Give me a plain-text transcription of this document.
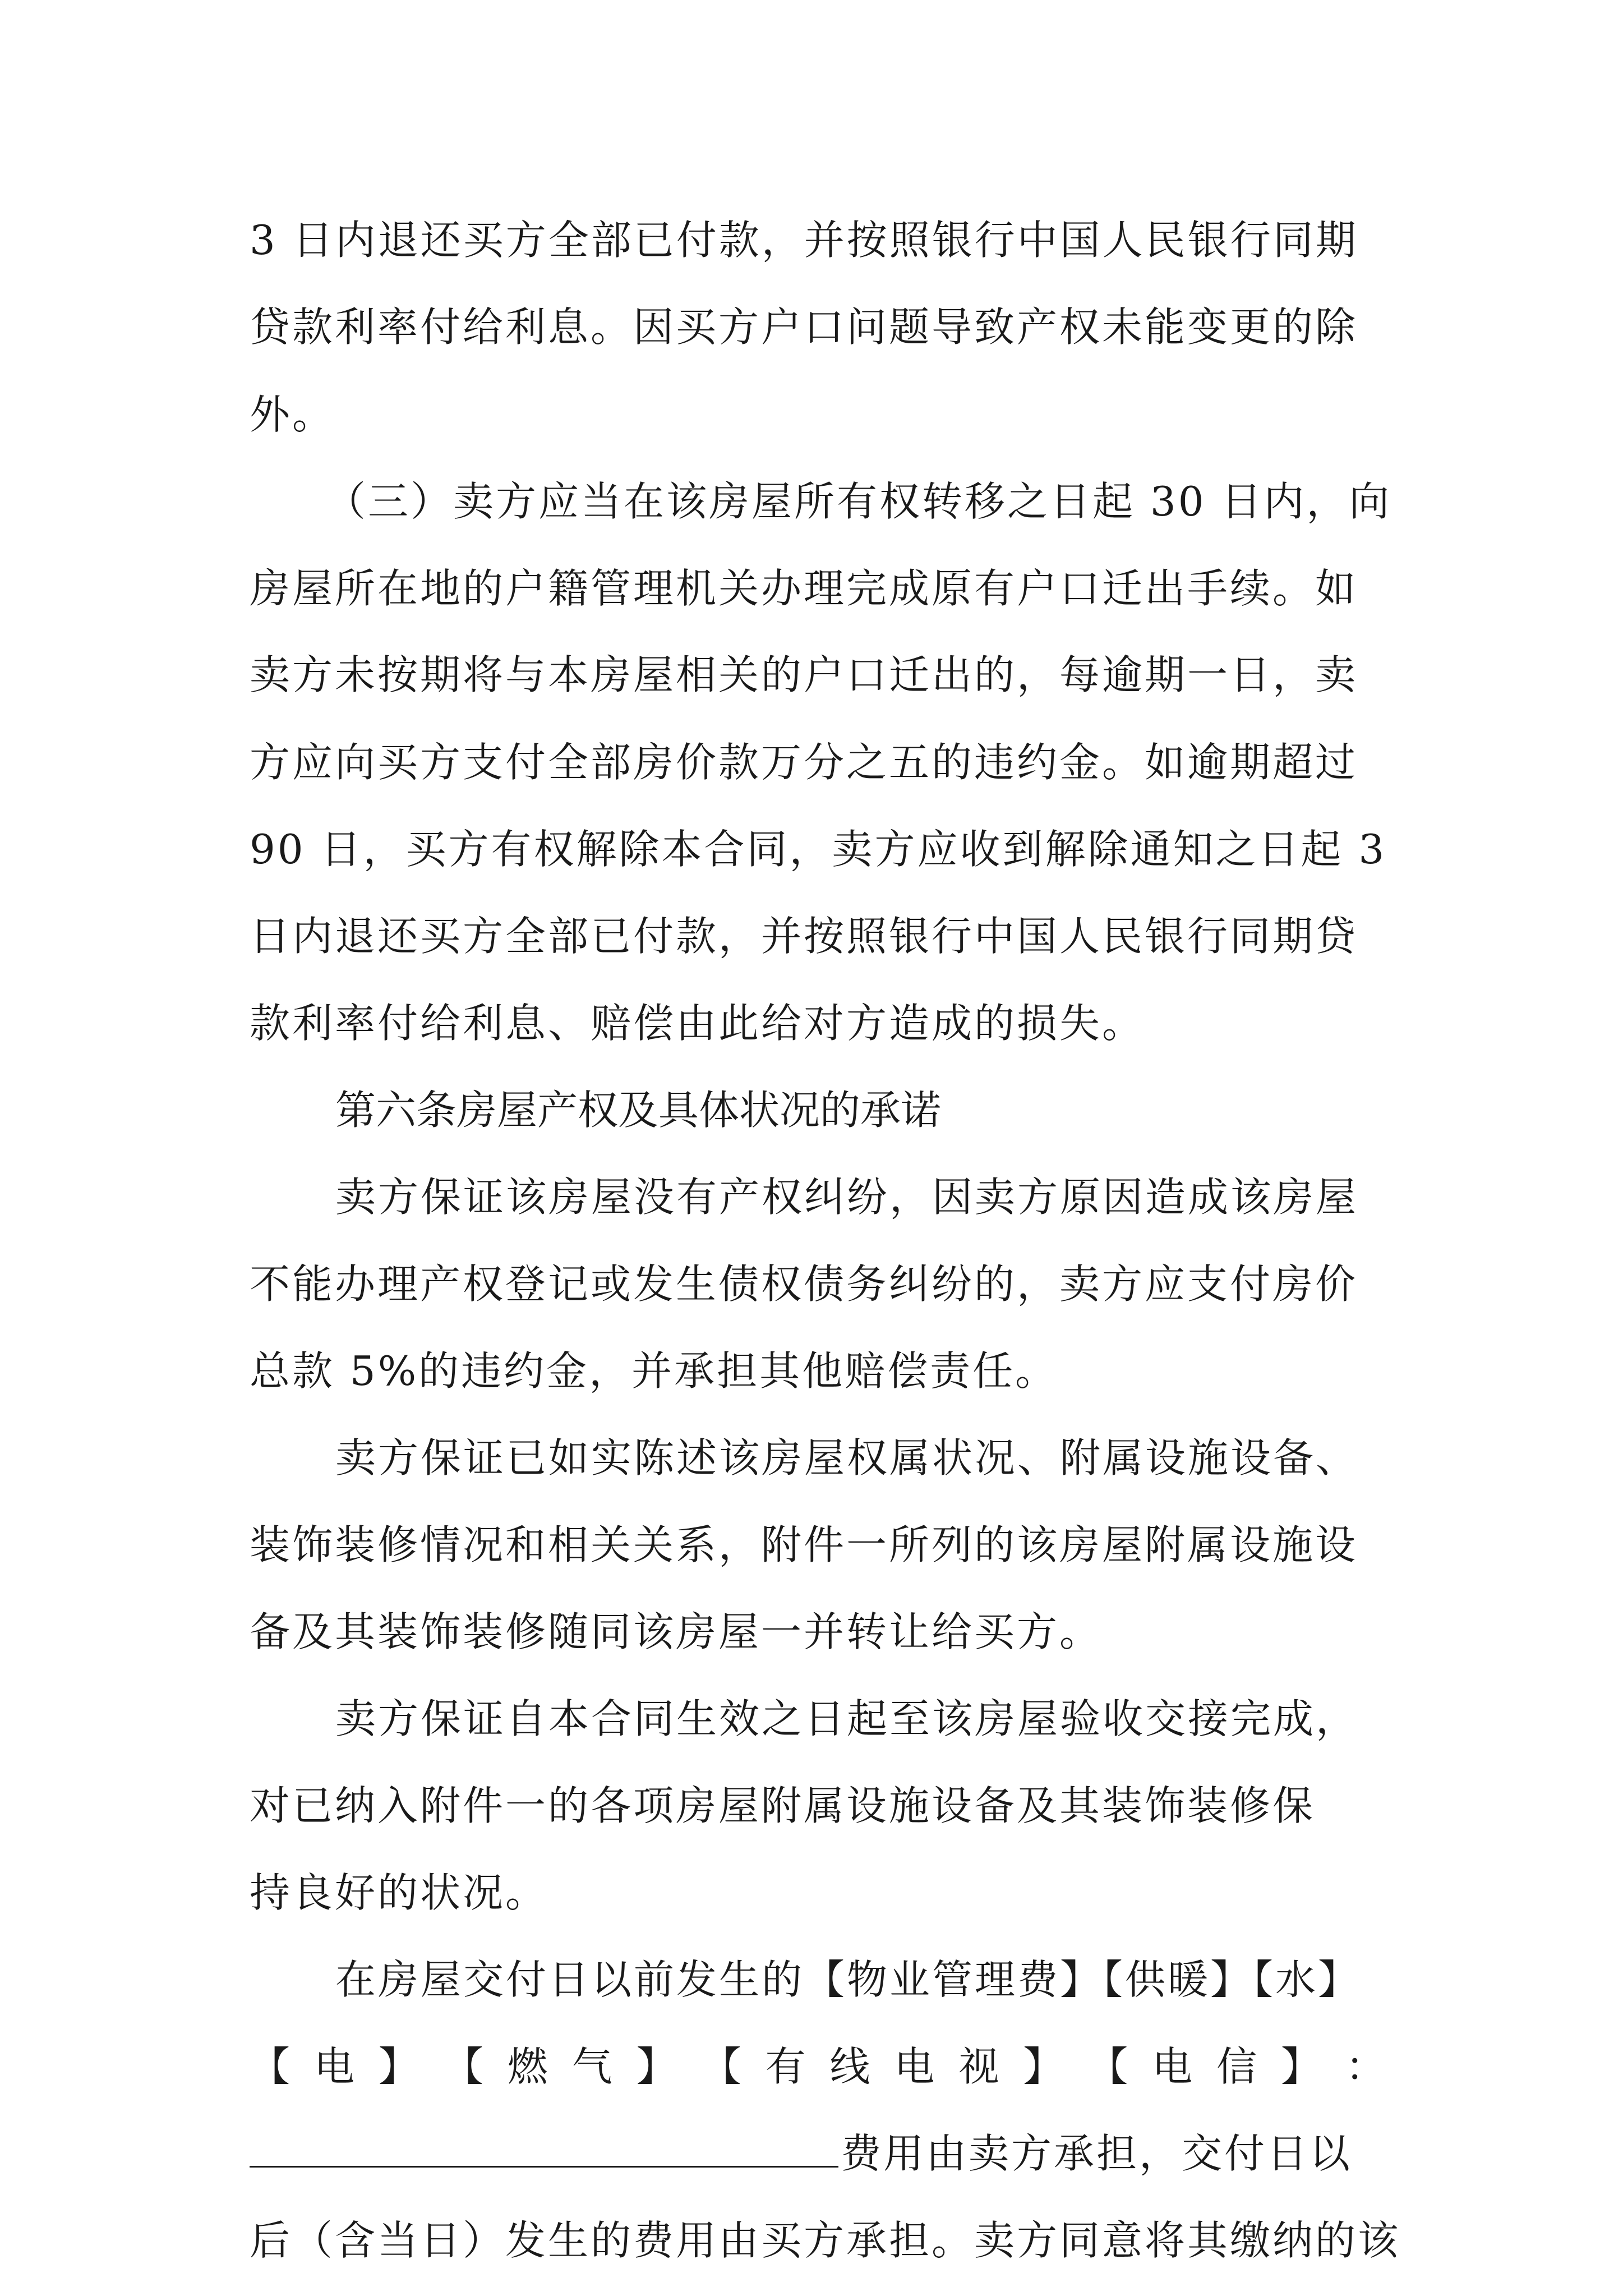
3 日内退还买方全部已付款，并按照银行中国人民银行同期
贷款利率付给利息。因买方户口问题导致产权未能变更的除
外。
（三）卖方应当在该房屋所有权转移之日起 30 日内，向
房屋所在地的户籍管理机关办理完成原有户口迁出手续。如
卖方未按期将与本房屋相关的户口迁出的，每逾期一日，卖
方应向买方支付全部房价款万分之五的违约金。如逾期超过
90 日，买方有权解除本合同，卖方应收到解除通知之日起 3
日内退还买方全部已付款，并按照银行中国人民银行同期贷
款利率付给利息、赔偿由此给对方造成的损失。
第六条房屋产权及具体状况的承诺
卖方保证该房屋没有产权纠纷，因卖方原因造成该房屋
不能办理产权登记或发生债权债务纠纷的，卖方应支付房价
总款 5%的违约金，并承担其他赔偿责任。
卖方保证已如实陈述该房屋权属状况、附属设施设备、
装饰装修情况和相关关系，附件一所列的该房屋附属设施设
备及其装饰装修随同该房屋一并转让给买方。
卖方保证自本合同生效之日起至该房屋验收交接完成，
对已纳入附件一的各项房屋附属设施设备及其装饰装修保
持良好的状况。
在房屋交付日以前发生的【物业管理费】【供暖】【水】
【 电 】 【 燃 气 】 【 有 线 电 视 】 【 电 信 】 ：
费用由卖方承担，交付日以
后（含当日）发生的费用由买方承担。卖方同意将其缴纳的该
